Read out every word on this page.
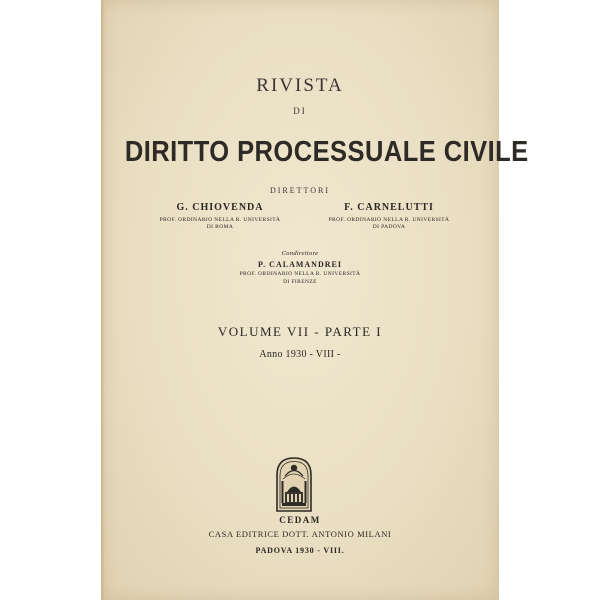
RIVISTA
DI
DIRITTO PROCESSUALE CIVILE
DIRETTORI
G. CHIOVENDA
PROF. ORDINARIO NELLA R. UNIVERSITÀ
DI ROMA
F. CARNELUTTI
PROF. ORDINARIO NELLA R. UNIVERSITÀ
DI PADOVA
Condirettore
P. CALAMANDREI
PROF. ORDINARIO NELLA R. UNIVERSITÀ
DI FIRENZE
VOLUME VII - PARTE I
Anno 1930 - VIII -
CEDAM
CASA EDITRICE DOTT. ANTONIO MILANI
PADOVA 1930 - VIII.
